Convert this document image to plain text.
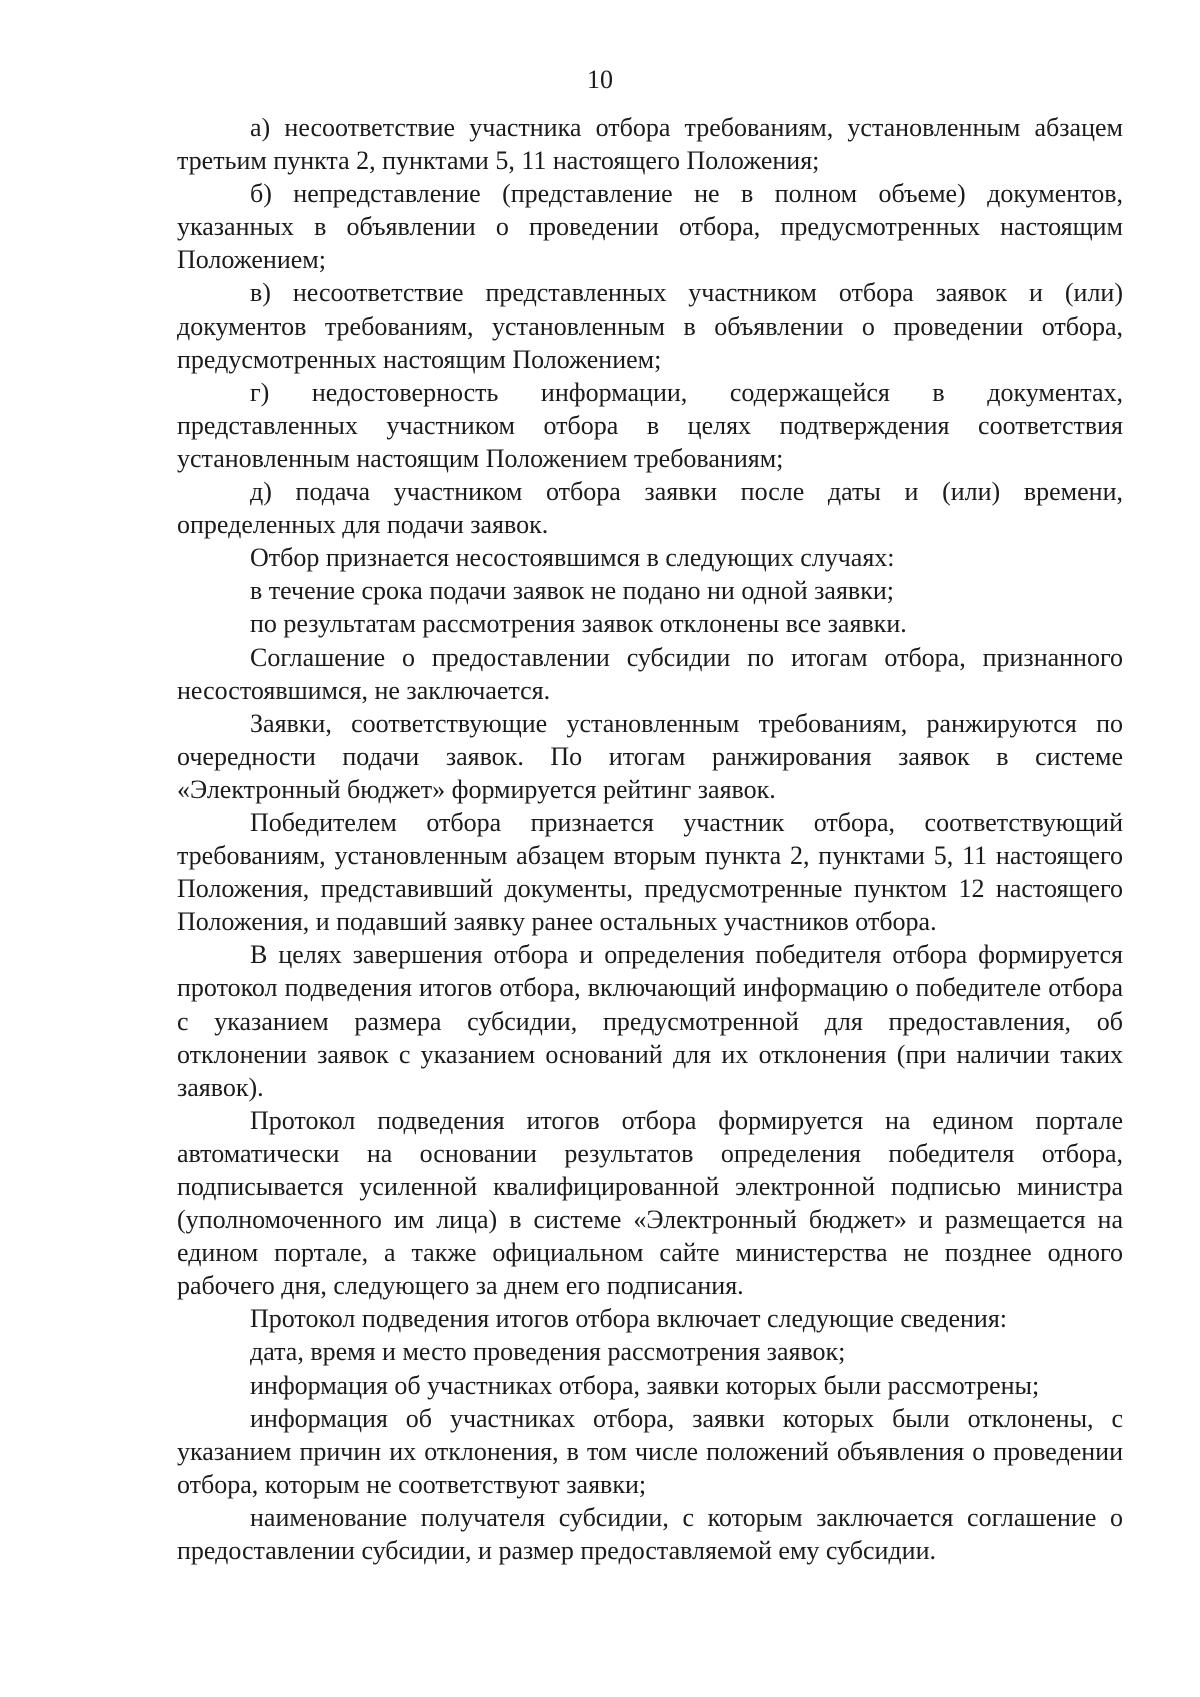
10

а) несоответствие участника отбора требованиям, установленным абзацем третьим пункта 2, пунктами 5, 11 настоящего Положения;

б) непредставление (представление не в полном объеме) документов, указанных в объявлении о проведении отбора, предусмотренных настоящим Положением;

в) несоответствие представленных участником отбора заявок и (или) документов требованиям, установленным в объявлении о проведении отбора, предусмотренных настоящим Положением;

г) недостоверность информации, содержащейся в документах, представленных участником отбора в целях подтверждения соответствия установленным настоящим Положением требованиям;

д) подача участником отбора заявки после даты и (или) времени, определенных для подачи заявок.

Отбор признается несостоявшимся в следующих случаях:

в течение срока подачи заявок не подано ни одной заявки;

по результатам рассмотрения заявок отклонены все заявки.

Соглашение о предоставлении субсидии по итогам отбора, признанного несостоявшимся, не заключается.

Заявки, соответствующие установленным требованиям, ранжируются по очередности подачи заявок. По итогам ранжирования заявок в системе «Электронный бюджет» формируется рейтинг заявок.

Победителем отбора признается участник отбора, соответствующий требованиям, установленным абзацем вторым пункта 2, пунктами 5, 11 настоящего Положения, представивший документы, предусмотренные пунктом 12 настоящего Положения, и подавший заявку ранее остальных участников отбора.

В целях завершения отбора и определения победителя отбора формируется протокол подведения итогов отбора, включающий информацию о победителе отбора с указанием размера субсидии, предусмотренной для предоставления, об отклонении заявок с указанием оснований для их отклонения (при наличии таких заявок).

Протокол подведения итогов отбора формируется на едином портале автоматически на основании результатов определения победителя отбора, подписывается усиленной квалифицированной электронной подписью министра (уполномоченного им лица) в системе «Электронный бюджет» и размещается на едином портале, а также официальном сайте министерства не позднее одного рабочего дня, следующего за днем его подписания.

Протокол подведения итогов отбора включает следующие сведения:

дата, время и место проведения рассмотрения заявок;

информация об участниках отбора, заявки которых были рассмотрены;

информация об участниках отбора, заявки которых были отклонены, с указанием причин их отклонения, в том числе положений объявления о проведении отбора, которым не соответствуют заявки;

наименование получателя субсидии, с которым заключается соглашение о предоставлении субсидии, и размер предоставляемой ему субсидии.
